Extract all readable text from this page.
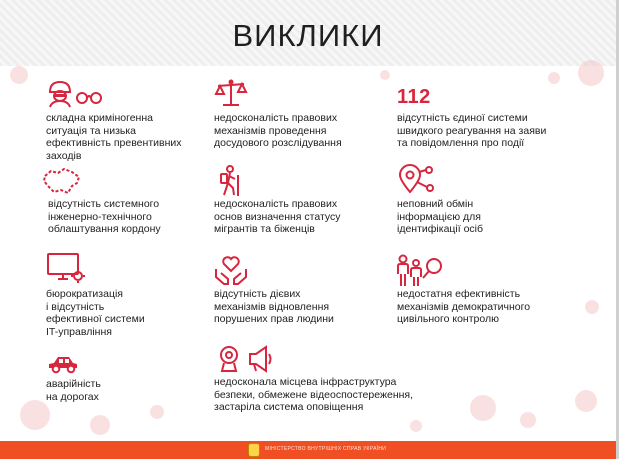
ВИКЛИКИ
складна криміногенна
ситуація та низька
ефективність превентивних
заходів
недосконалість правових
механізмів проведення
досудового розслідування
112
відсутність єдиної системи
швидкого реагування на заяви
та повідомлення про події
відсутність системного
інженерно-технічного
облаштування кордону
недосконалість правових
основ визначення статусу
мігрантів та біженців
неповний обмін
інформацією для
ідентифікації осіб
бюрократизація
і відсутність
ефективної системи
IT-управління
відсутність дієвих
механізмів відновлення
порушених прав людини
недостатня ефективність
механізмів демократичного
цивільного контролю
аварійність
на дорогах
недосконала місцева інфраструктура
безпеки, обмежене відеоспостереження,
застаріла система оповіщення
МІНІСТЕРСТВО ВНУТРІШНІХ СПРАВ УКРАЇНИ
